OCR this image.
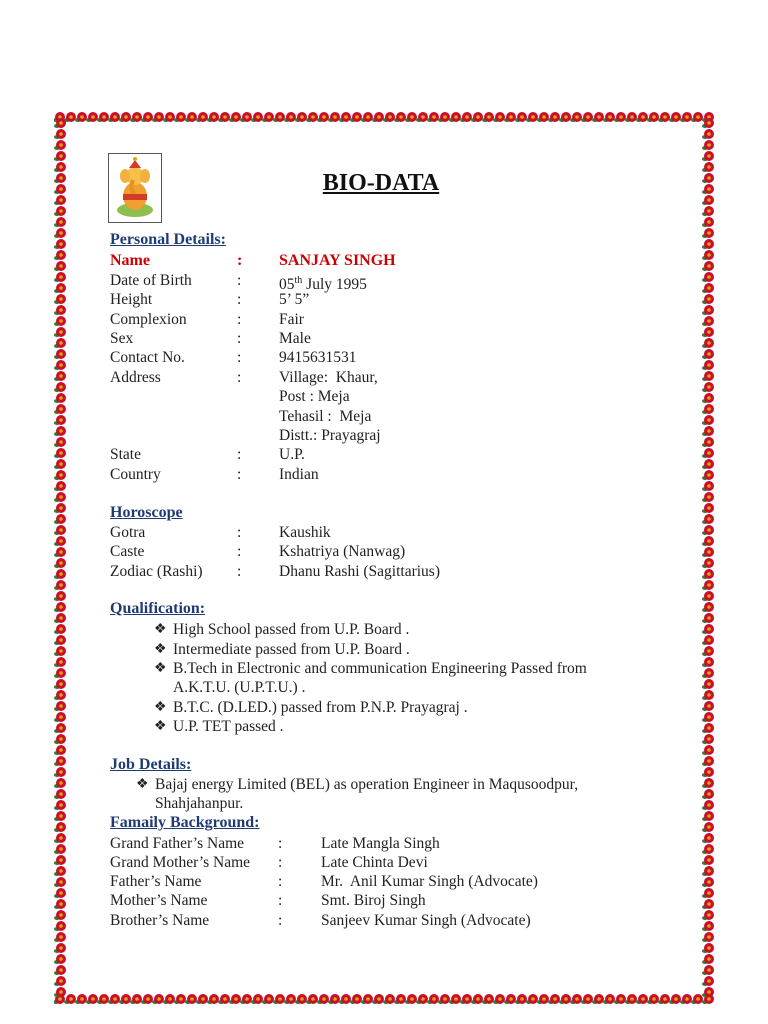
BIO-DATA
Personal Details:
Name	: SANJAY SINGH
Date of Birth	: 05th July 1995
Height	: 5’ 5”
Complexion	: Fair
Sex	: Male
Contact No.	: 9415631531
Address	: Village:  Khaur,
Post : Meja
Tehasil :  Meja
Distt.: Prayagraj
State	: U.P.
Country	: Indian
Horoscope
Gotra	: Kaushik
Caste	: Kshatriya (Nanwag)
Zodiac (Rashi) : Dhanu Rashi (Sagittarius)
Qualification:
❖ High School passed from U.P. Board .
❖ Intermediate passed from U.P. Board .
❖ B.Tech in Electronic and communication Engineering Passed from
A.K.T.U. (U.P.T.U.) .
❖ B.T.C. (D.LED.) passed from P.N.P. Prayagraj .
❖ U.P. TET passed .
Job Details:
❖ Bajaj energy Limited (BEL) as operation Engineer in Maqusoodpur,
Shahjahanpur.
Famaily Background:
Grand Father’s Name : Late Mangla Singh
Grand Mother’s Name : Late Chinta Devi
Father’s Name	: Mr.  Anil Kumar Singh (Advocate)
Mother’s Name	: Smt. Biroj Singh
Brother’s Name	: Sanjeev Kumar Singh (Advocate)
